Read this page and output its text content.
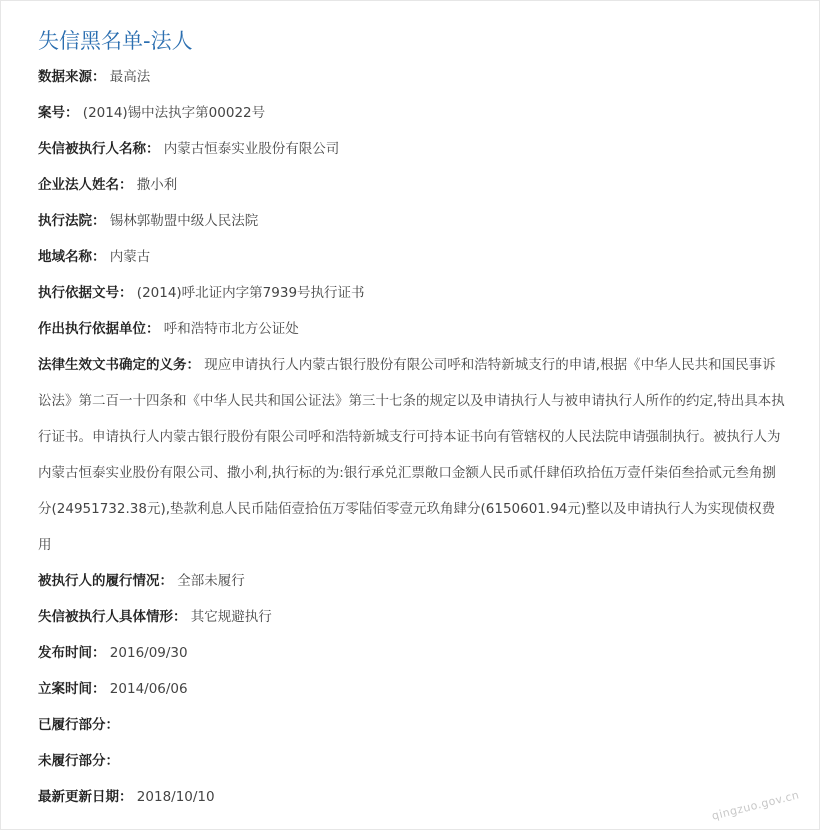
失信黑名单-法人
数据来源： 最高法
案号： (2014)锡中法执字第00022号
失信被执行人名称： 内蒙古恒泰实业股份有限公司
企业法人姓名： 撒小利
执行法院： 锡林郭勒盟中级人民法院
地域名称： 内蒙古
执行依据文号： (2014)呼北证内字第7939号执行证书
作出执行依据单位： 呼和浩特市北方公证处
法律生效文书确定的义务： 现应申请执行人内蒙古银行股份有限公司呼和浩特新城支行的申请,根据《中华人民共和国民事诉讼法》第二百一十四条和《中华人民共和国公证法》第三十七条的规定以及申请执行人与被申请执行人所作的约定,特出具本执行证书。申请执行人内蒙古银行股份有限公司呼和浩特新城支行可持本证书向有管辖权的人民法院申请强制执行。被执行人为内蒙古恒泰实业股份有限公司、撒小利,执行标的为:银行承兑汇票敞口金额人民币贰仟肆佰玖拾伍万壹仟柒佰叁拾贰元叁角捌分(24951732.38元),垫款利息人民币陆佰壹拾伍万零陆佰零壹元玖角肆分(6150601.94元)整以及申请执行人为实现债权费用
被执行人的履行情况： 全部未履行
失信被执行人具体情形： 其它规避执行
发布时间： 2016/09/30
立案时间： 2014/06/06
已履行部分：
未履行部分：
最新更新日期： 2018/10/10	qingzuo.gov.cn
